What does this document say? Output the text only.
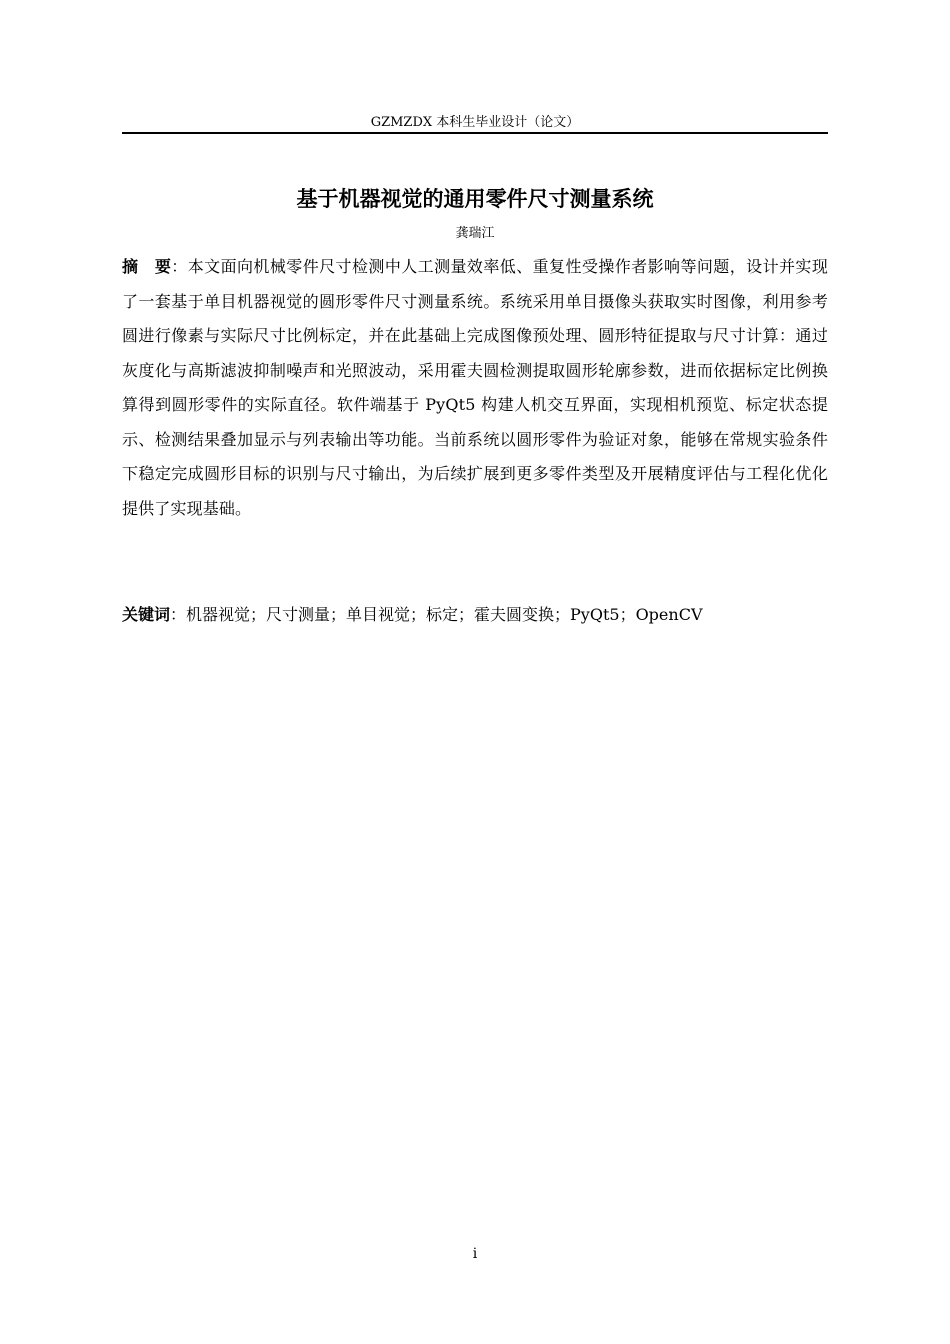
GZMZDX 本科生毕业设计（论文）
基于机器视觉的通用零件尺寸测量系统
龚瑞江

摘　要：本文面向机械零件尺寸检测中人工测量效率低、重复性受操作者影响等问题，设计并实现了一套基于单目机器视觉的圆形零件尺寸测量系统。系统采用单目摄像头获取实时图像，利用参考圆进行像素与实际尺寸比例标定，并在此基础上完成图像预处理、圆形特征提取与尺寸计算：通过灰度化与高斯滤波抑制噪声和光照波动，采用霍夫圆检测提取圆形轮廓参数，进而依据标定比例换算得到圆形零件的实际直径。软件端基于 PyQt5 构建人机交互界面，实现相机预览、标定状态提示、检测结果叠加显示与列表输出等功能。当前系统以圆形零件为验证对象，能够在常规实验条件下稳定完成圆形目标的识别与尺寸输出，为后续扩展到更多零件类型及开展精度评估与工程化优化提供了实现基础。

关键词：机器视觉；尺寸测量；单目视觉；标定；霍夫圆变换；PyQt5；OpenCV

i
